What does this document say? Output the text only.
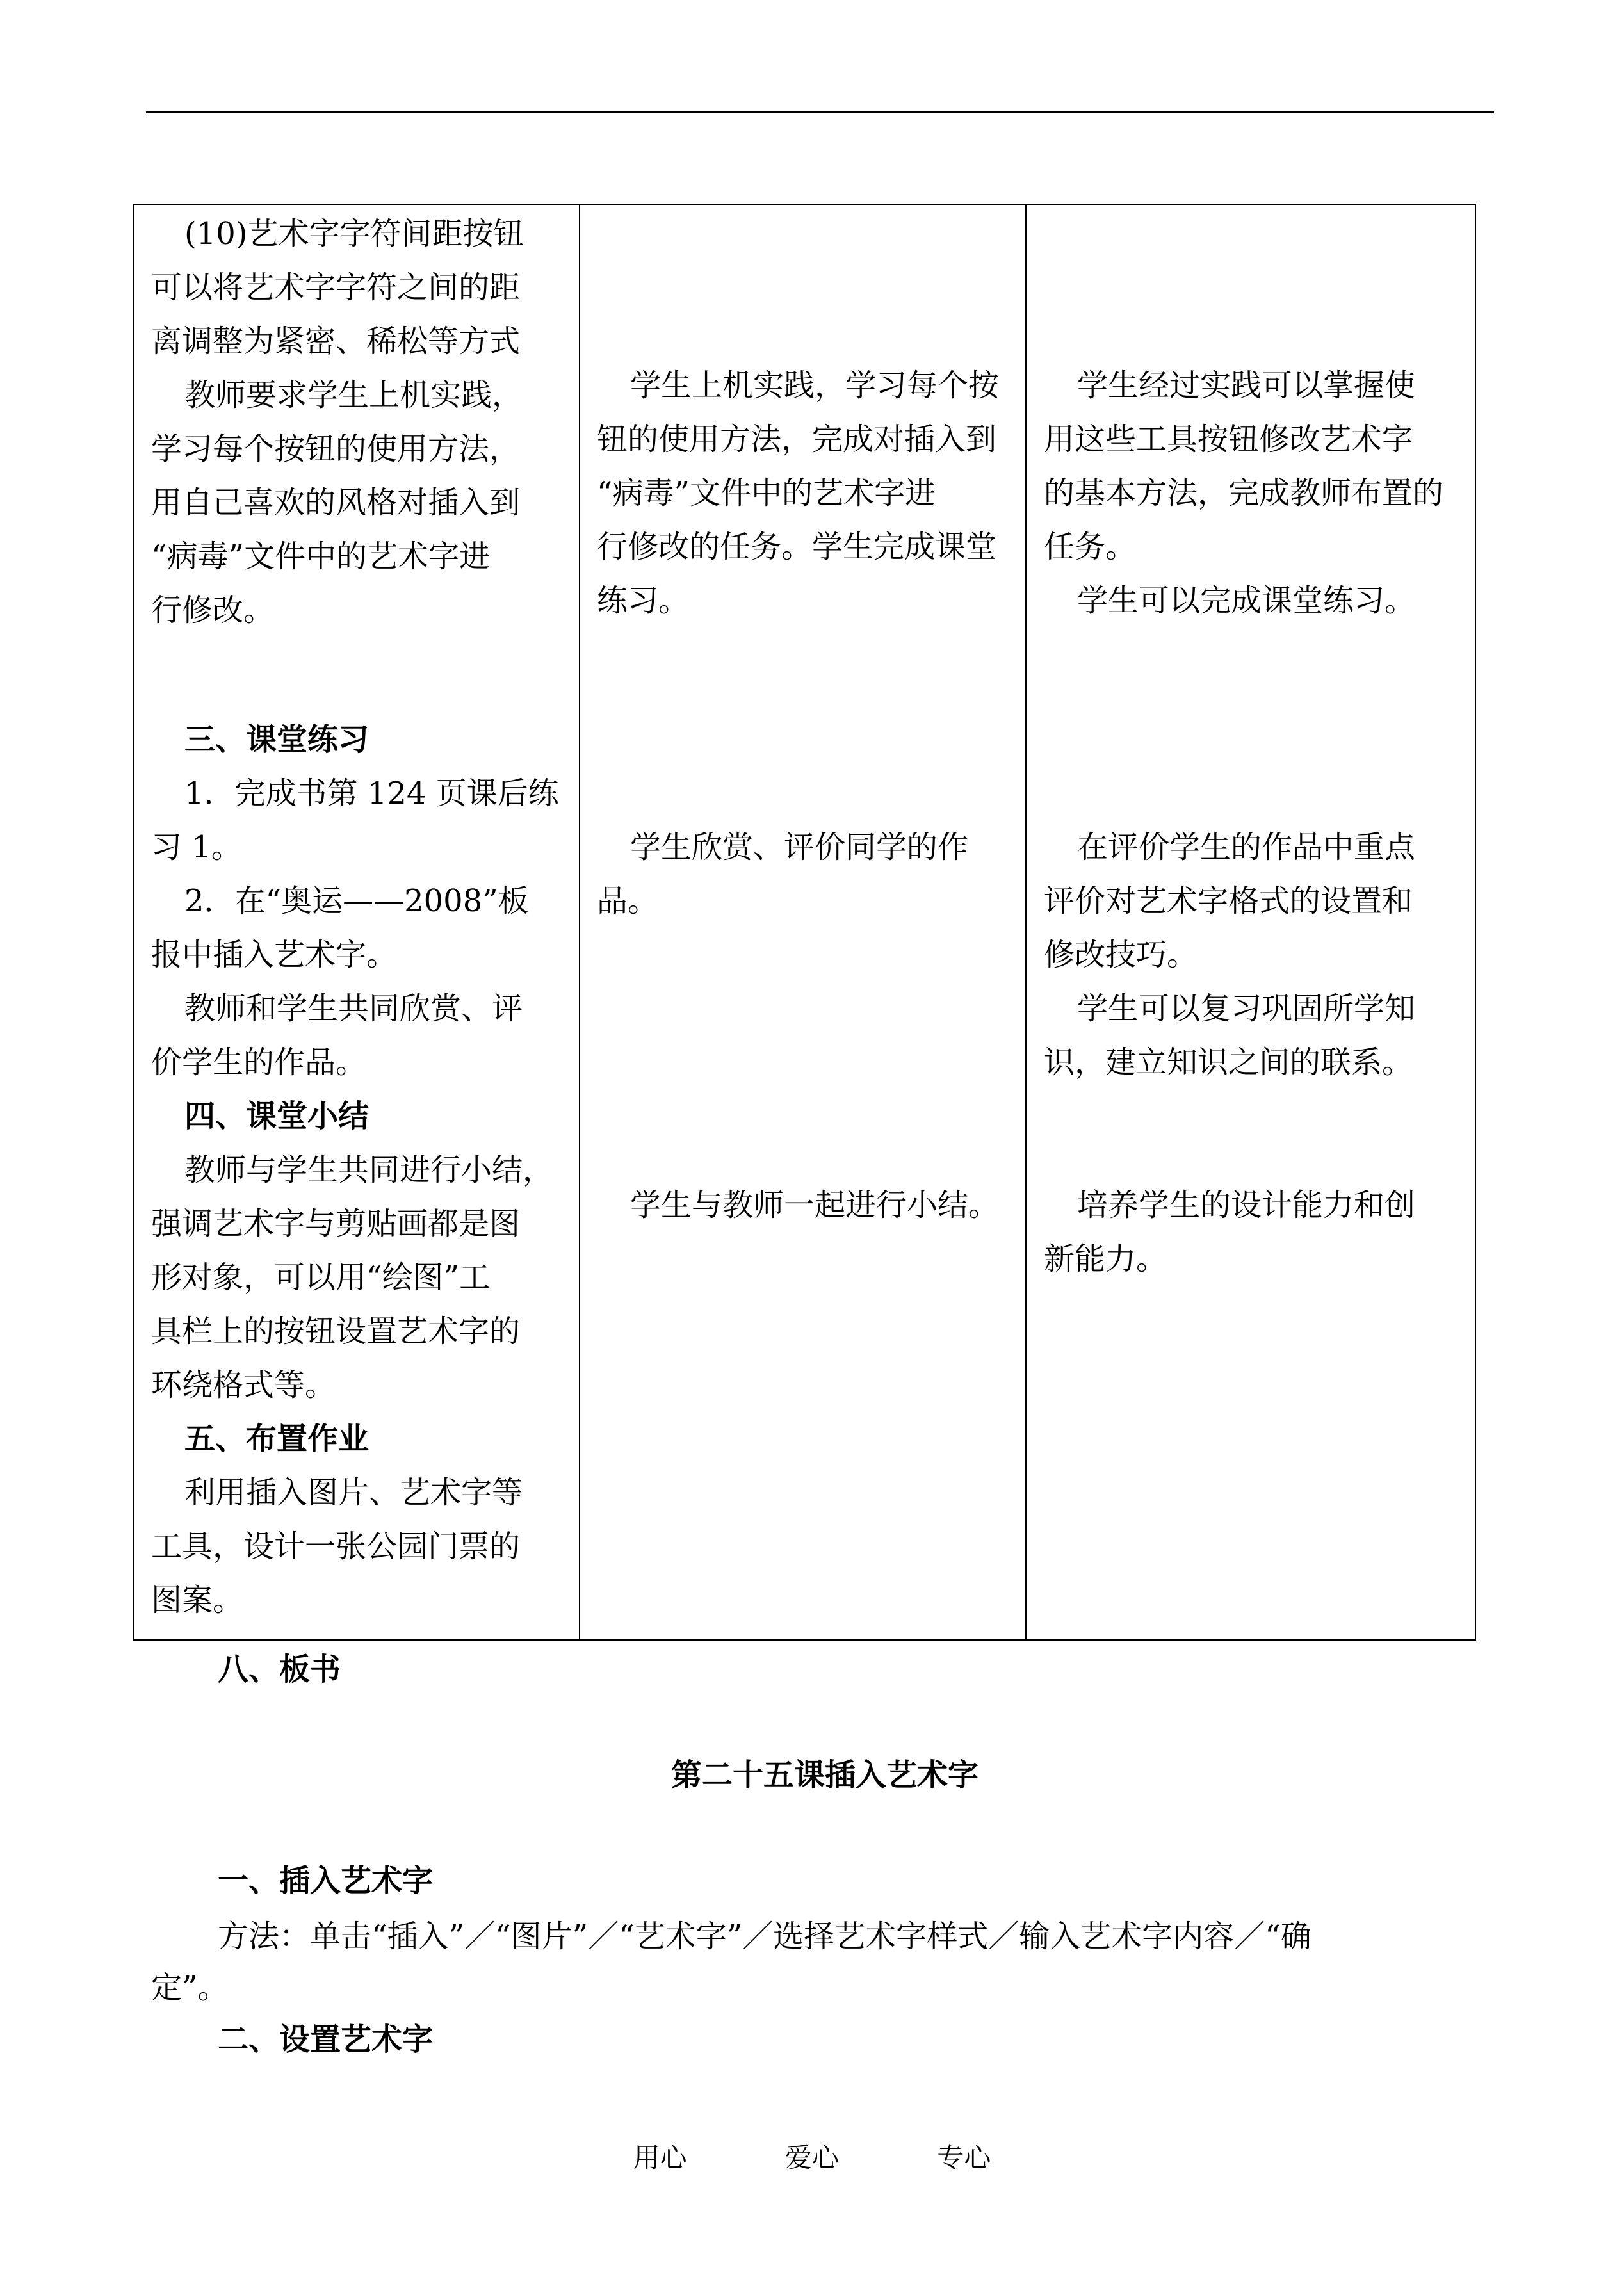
(10)艺术字字符间距按钮
可以将艺术字字符之间的距
离调整为紧密、稀松等方式
教师要求学生上机实践，
学习每个按钮的使用方法，
用自己喜欢的风格对插入到
“病毒”文件中的艺术字进
行修改。
三、课堂练习
1．完成书第 124 页课后练
习 1。
2．在“奥运——2008”板
报中插入艺术字。
教师和学生共同欣赏、评
价学生的作品。
四、课堂小结
教师与学生共同进行小结，
强调艺术字与剪贴画都是图
形对象，可以用“绘图”工
具栏上的按钮设置艺术字的
环绕格式等。
五、布置作业
利用插入图片、艺术字等
工具，设计一张公园门票的
图案。
学生上机实践，学习每个按
钮的使用方法，完成对插入到
“病毒”文件中的艺术字进
行修改的任务。学生完成课堂
练习。
学生欣赏、评价同学的作
品。
学生与教师一起进行小结。
学生经过实践可以掌握使
用这些工具按钮修改艺术字
的基本方法，完成教师布置的
任务。
学生可以完成课堂练习。
在评价学生的作品中重点
评价对艺术字格式的设置和
修改技巧。
学生可以复习巩固所学知
识，建立知识之间的联系。
培养学生的设计能力和创
新能力。
八、板书
第二十五课插入艺术字
一、插入艺术字
方法：单击“插入”／“图片”／“艺术字”／选择艺术字样式／输入艺术字内容／“确
定”。
二、设置艺术字
用心	爱心	专心
